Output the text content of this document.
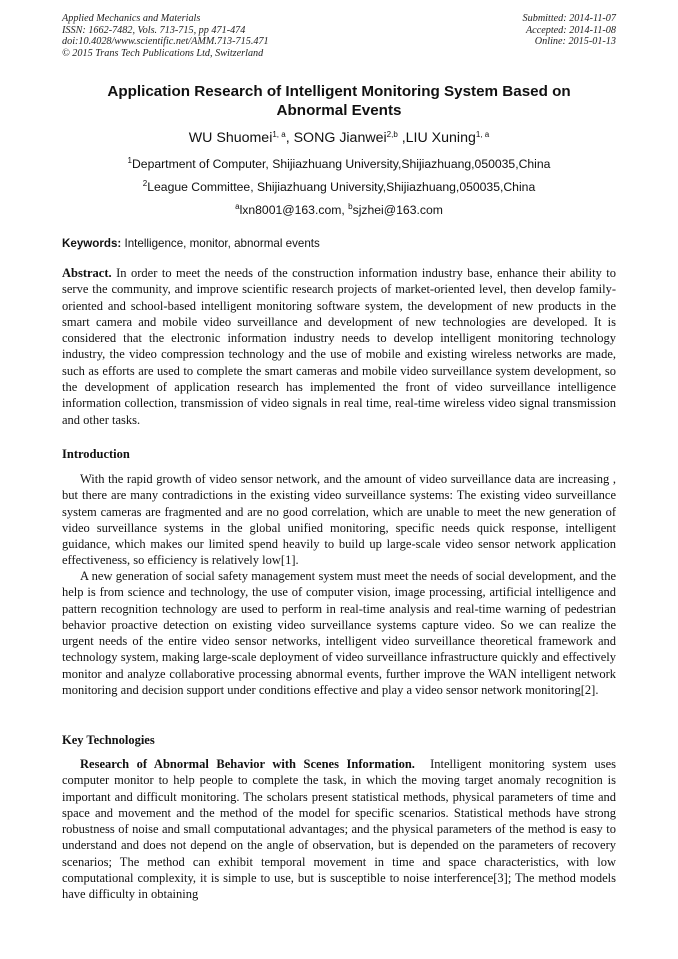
Applied Mechanics and Materials
ISSN: 1662-7482, Vols. 713-715, pp 471-474
doi:10.4028/www.scientific.net/AMM.713-715.471
© 2015 Trans Tech Publications Ltd, Switzerland
Submitted: 2014-11-07
Accepted: 2014-11-08
Online: 2015-01-13
Application Research of Intelligent Monitoring System Based on Abnormal Events
WU Shuomei$^{1, a}$, SONG Jianwei$^{2,b}$ ,LIU Xuning$^{1, a}$
$^1$Department of Computer, Shijiazhuang University,Shijiazhuang,050035,China
$^2$League Committee, Shijiazhuang University,Shijiazhuang,050035,China
$^a$lxn8001@163.com, $^b$sjzhei@163.com
Keywords: Intelligence, monitor, abnormal events

Abstract. In order to meet the needs of the construction information industry base, enhance their ability to serve the community, and improve scientific research projects of market-oriented level, then develop family-oriented and school-based intelligent monitoring software system, the development of new products in the smart camera and mobile video surveillance and development of new technologies are developed. It is considered that the electronic information industry needs to develop intelligent monitoring technology industry, the video compression technology and the use of mobile and existing wireless networks are made, such as efforts are used to complete the smart cameras and mobile video surveillance system development, so the development of application research has implemented the front of video surveillance intelligence information collection, transmission of video signals in real time, real-time wireless video signal transmission and other tasks.

Introduction

With the rapid growth of video sensor network, and the amount of video surveillance data are increasing , but there are many contradictions in the existing video surveillance systems: The existing video surveillance system cameras are fragmented and are no good correlation, which are unable to meet the new generation of video surveillance systems in the global unified monitoring, specific needs quick response, intelligent guidance, which makes our limited spend heavily to build up large-scale video sensor network application effectiveness, so efficiency is relatively low[1].

A new generation of social safety management system must meet the needs of social development, and the help is from science and technology, the use of computer vision, image processing, artificial intelligence and pattern recognition technology are used to perform in real-time analysis and real-time warning of pedestrian behavior proactive detection on existing video surveillance systems capture video. So we can realize the urgent needs of the entire video sensor networks, intelligent video surveillance theoretical framework and technology system, making large-scale deployment of video surveillance infrastructure quickly and effectively monitor and analyze collaborative processing abnormal events, further improve the WAN intelligent network monitoring and decision support under conditions effective and play a video sensor network monitoring[2].

Key Technologies

Research of Abnormal Behavior with Scenes Information. Intelligent monitoring system uses computer monitor to help people to complete the task, in which the moving target anomaly recognition is important and difficult monitoring. The scholars present statistical methods, physical parameters of time and space and movement and the method of the model for specific scenarios. Statistical methods have strong robustness of noise and small computational advantages; and the physical parameters of the method is easy to understand and does not depend on the angle of observation, but is depended on the parameters of recovery scenarios; The method can exhibit temporal movement in time and space characteristics, with low computational complexity, it is simple to use, but is susceptible to noise interference[3]; The method models have difficulty in obtaining
